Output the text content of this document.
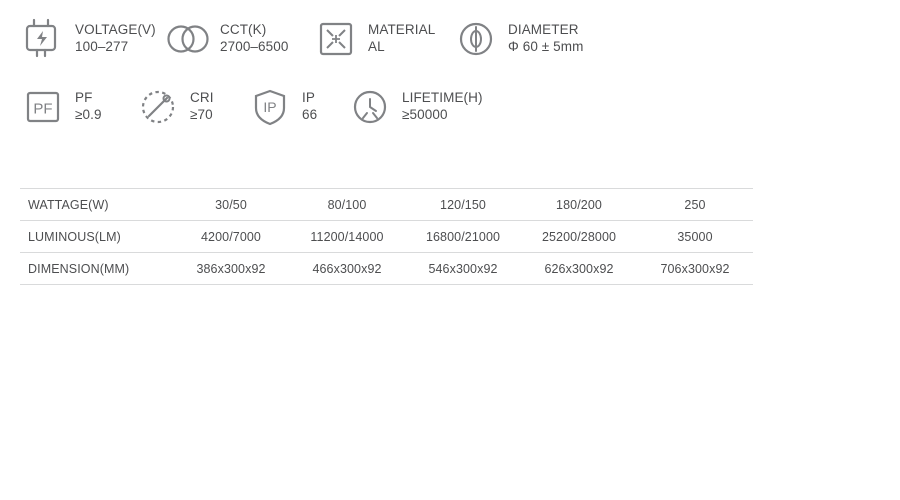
VOLTAGE(V)
100–277
CCT(K)
2700–6500
MATERIAL
AL
DIAMETER
Φ 60 ± 5mm
PF
PF
≥0.9
CRI
≥70	IP
IP
66
LIFETIME(H)
≥50000
WATTAGE(W)	30/50	80/100	120/150	180/200	250
LUMINOUS(LM)	4200/7000	11200/14000	16800/21000	25200/28000	35000
DIMENSION(MM)	386x300x92	466x300x92	546x300x92	626x300x92	706x300x92
